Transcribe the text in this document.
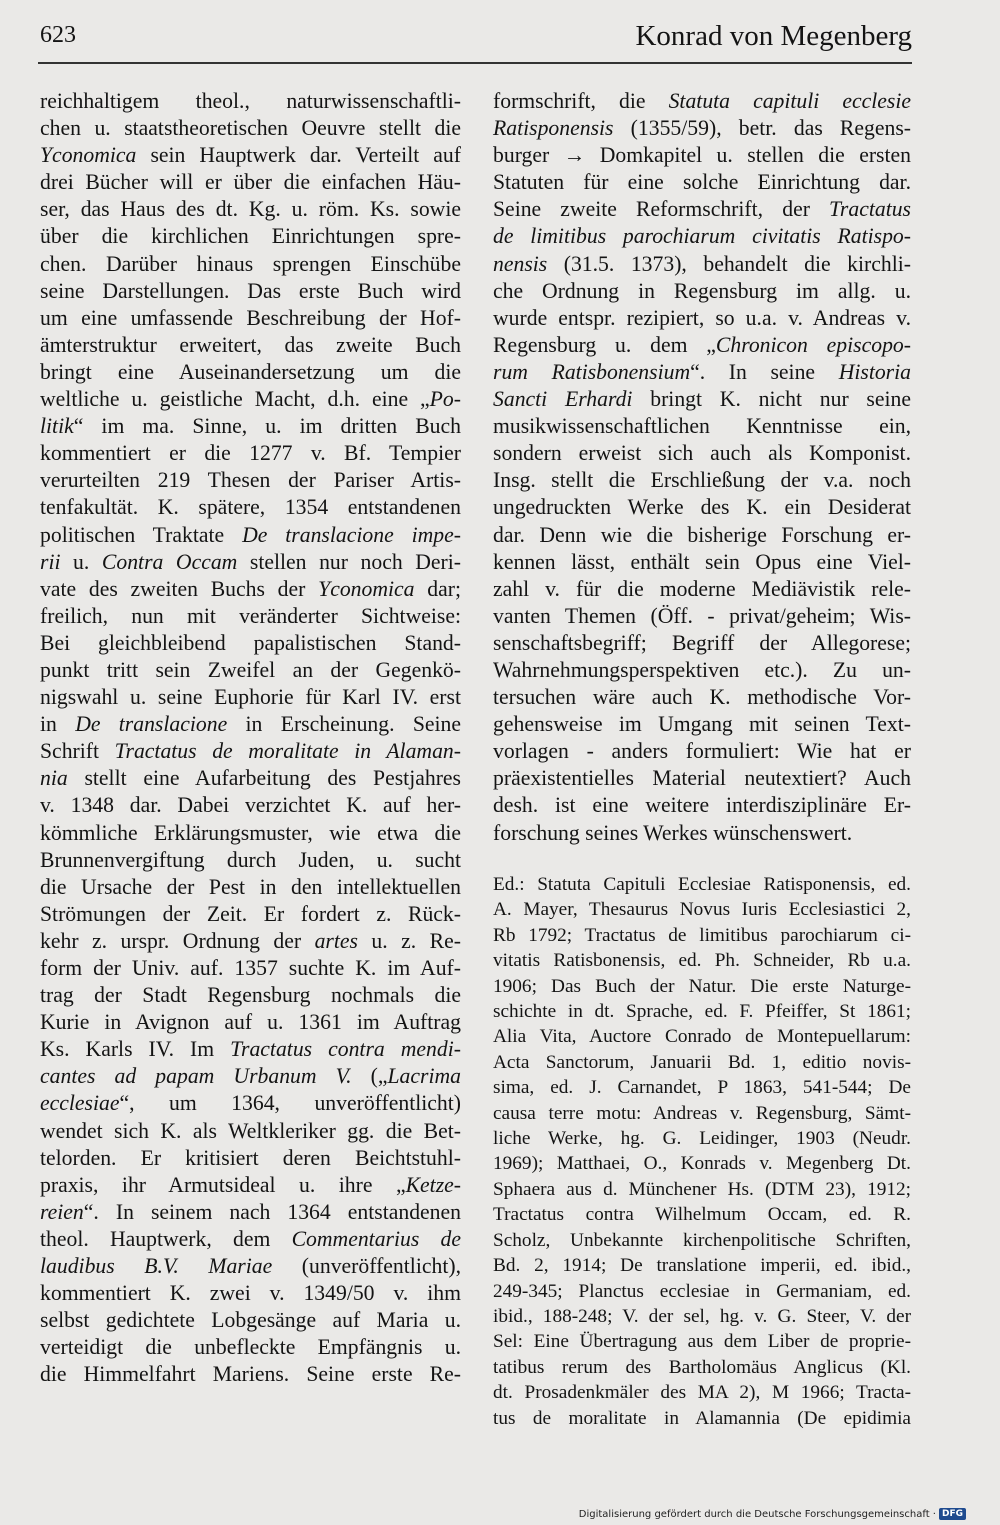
623	Konrad von Megenberg
reichhaltigem theol., naturwissenschaftli-
chen u. staatstheoretischen Oeuvre stellt die
Yconomica sein Hauptwerk dar. Verteilt auf
drei Bücher will er über die einfachen Häu-
ser, das Haus des dt. Kg. u. röm. Ks. sowie
über die kirchlichen Einrichtungen spre-
chen. Darüber hinaus sprengen Einschübe
seine Darstellungen. Das erste Buch wird
um eine umfassende Beschreibung der Hof-
ämterstruktur erweitert, das zweite Buch
bringt eine Auseinandersetzung um die
weltliche u. geistliche Macht, d.h. eine „Po-
litik“ im ma. Sinne, u. im dritten Buch
kommentiert er die 1277 v. Bf. Tempier
verurteilten 219 Thesen der Pariser Artis-
tenfakultät. K. spätere, 1354 entstandenen
politischen Traktate De translacione impe-
rii u. Contra Occam stellen nur noch Deri-
vate des zweiten Buchs der Yconomica dar;
freilich, nun mit veränderter Sichtweise:
Bei gleichbleibend papalistischen Stand-
punkt tritt sein Zweifel an der Gegenkö-
nigswahl u. seine Euphorie für Karl IV. erst
in De translacione in Erscheinung. Seine
Schrift Tractatus de moralitate in Alaman-
nia stellt eine Aufarbeitung des Pestjahres
v. 1348 dar. Dabei verzichtet K. auf her-
kömmliche Erklärungsmuster, wie etwa die
Brunnenvergiftung durch Juden, u. sucht
die Ursache der Pest in den intellektuellen
Strömungen der Zeit. Er fordert z. Rück-
kehr z. urspr. Ordnung der artes u. z. Re-
form der Univ. auf. 1357 suchte K. im Auf-
trag der Stadt Regensburg nochmals die
Kurie in Avignon auf u. 1361 im Auftrag
Ks. Karls IV. Im Tractatus contra mendi-
cantes ad papam Urbanum V. („Lacrima
ecclesiae“, um 1364, unveröffentlicht)
wendet sich K. als Weltkleriker gg. die Bet-
telorden. Er kritisiert deren Beichtstuhl-
praxis, ihr Armutsideal u. ihre „Ketze-
reien“. In seinem nach 1364 entstandenen
theol. Hauptwerk, dem Commentarius de
laudibus B.V. Mariae (unveröffentlicht),
kommentiert K. zwei v. 1349/50 v. ihm
selbst gedichtete Lobgesänge auf Maria u.
verteidigt die unbefleckte Empfängnis u.
die Himmelfahrt Mariens. Seine erste Re-
formschrift, die Statuta capituli ecclesie
Ratisponensis (1355/59), betr. das Regens-
burger → Domkapitel u. stellen die ersten
Statuten für eine solche Einrichtung dar.
Seine zweite Reformschrift, der Tractatus
de limitibus parochiarum civitatis Ratispo-
nensis (31.5. 1373), behandelt die kirchli-
che Ordnung in Regensburg im allg. u.
wurde entspr. rezipiert, so u.a. v. Andreas v.
Regensburg u. dem „Chronicon episcopo-
rum Ratisbonensium“. In seine Historia
Sancti Erhardi bringt K. nicht nur seine
musikwissenschaftlichen Kenntnisse ein,
sondern erweist sich auch als Komponist.
Insg. stellt die Erschließung der v.a. noch
ungedruckten Werke des K. ein Desiderat
dar. Denn wie die bisherige Forschung er-
kennen lässt, enthält sein Opus eine Viel-
zahl v. für die moderne Mediävistik rele-
vanten Themen (Öff. - privat/geheim; Wis-
senschaftsbegriff; Begriff der Allegorese;
Wahrnehmungsperspektiven etc.). Zu un-
tersuchen wäre auch K. methodische Vor-
gehensweise im Umgang mit seinen Text-
vorlagen - anders formuliert: Wie hat er
präexistentielles Material neutextiert? Auch
desh. ist eine weitere interdisziplinäre Er-
forschung seines Werkes wünschenswert.
Ed.: Statuta Capituli Ecclesiae Ratisponensis, ed.
A. Mayer, Thesaurus Novus Iuris Ecclesiastici 2,
Rb 1792; Tractatus de limitibus parochiarum ci-
vitatis Ratisbonensis, ed. Ph. Schneider, Rb u.a.
1906; Das Buch der Natur. Die erste Naturge-
schichte in dt. Sprache, ed. F. Pfeiffer, St 1861;
Alia Vita, Auctore Conrado de Montepuellarum:
Acta Sanctorum, Januarii Bd. 1, editio novis-
sima, ed. J. Carnandet, P 1863, 541-544; De
causa terre motu: Andreas v. Regensburg, Sämt-
liche Werke, hg. G. Leidinger, 1903 (Neudr.
1969); Matthaei, O., Konrads v. Megenberg Dt.
Sphaera aus d. Münchener Hs. (DTM 23), 1912;
Tractatus contra Wilhelmum Occam, ed. R.
Scholz, Unbekannte kirchenpolitische Schriften,
Bd. 2, 1914; De translatione imperii, ed. ibid.,
249-345; Planctus ecclesiae in Germaniam, ed.
ibid., 188-248; V. der sel, hg. v. G. Steer, V. der
Sel: Eine Übertragung aus dem Liber de proprie-
tatibus rerum des Bartholomäus Anglicus (Kl.
dt. Prosadenkmäler des MA 2), M 1966; Tracta-
tus de moralitate in Alamannia (De epidimia
Digitalisierung gefördert durch die Deutsche Forschungsgemeinschaft · DFG
